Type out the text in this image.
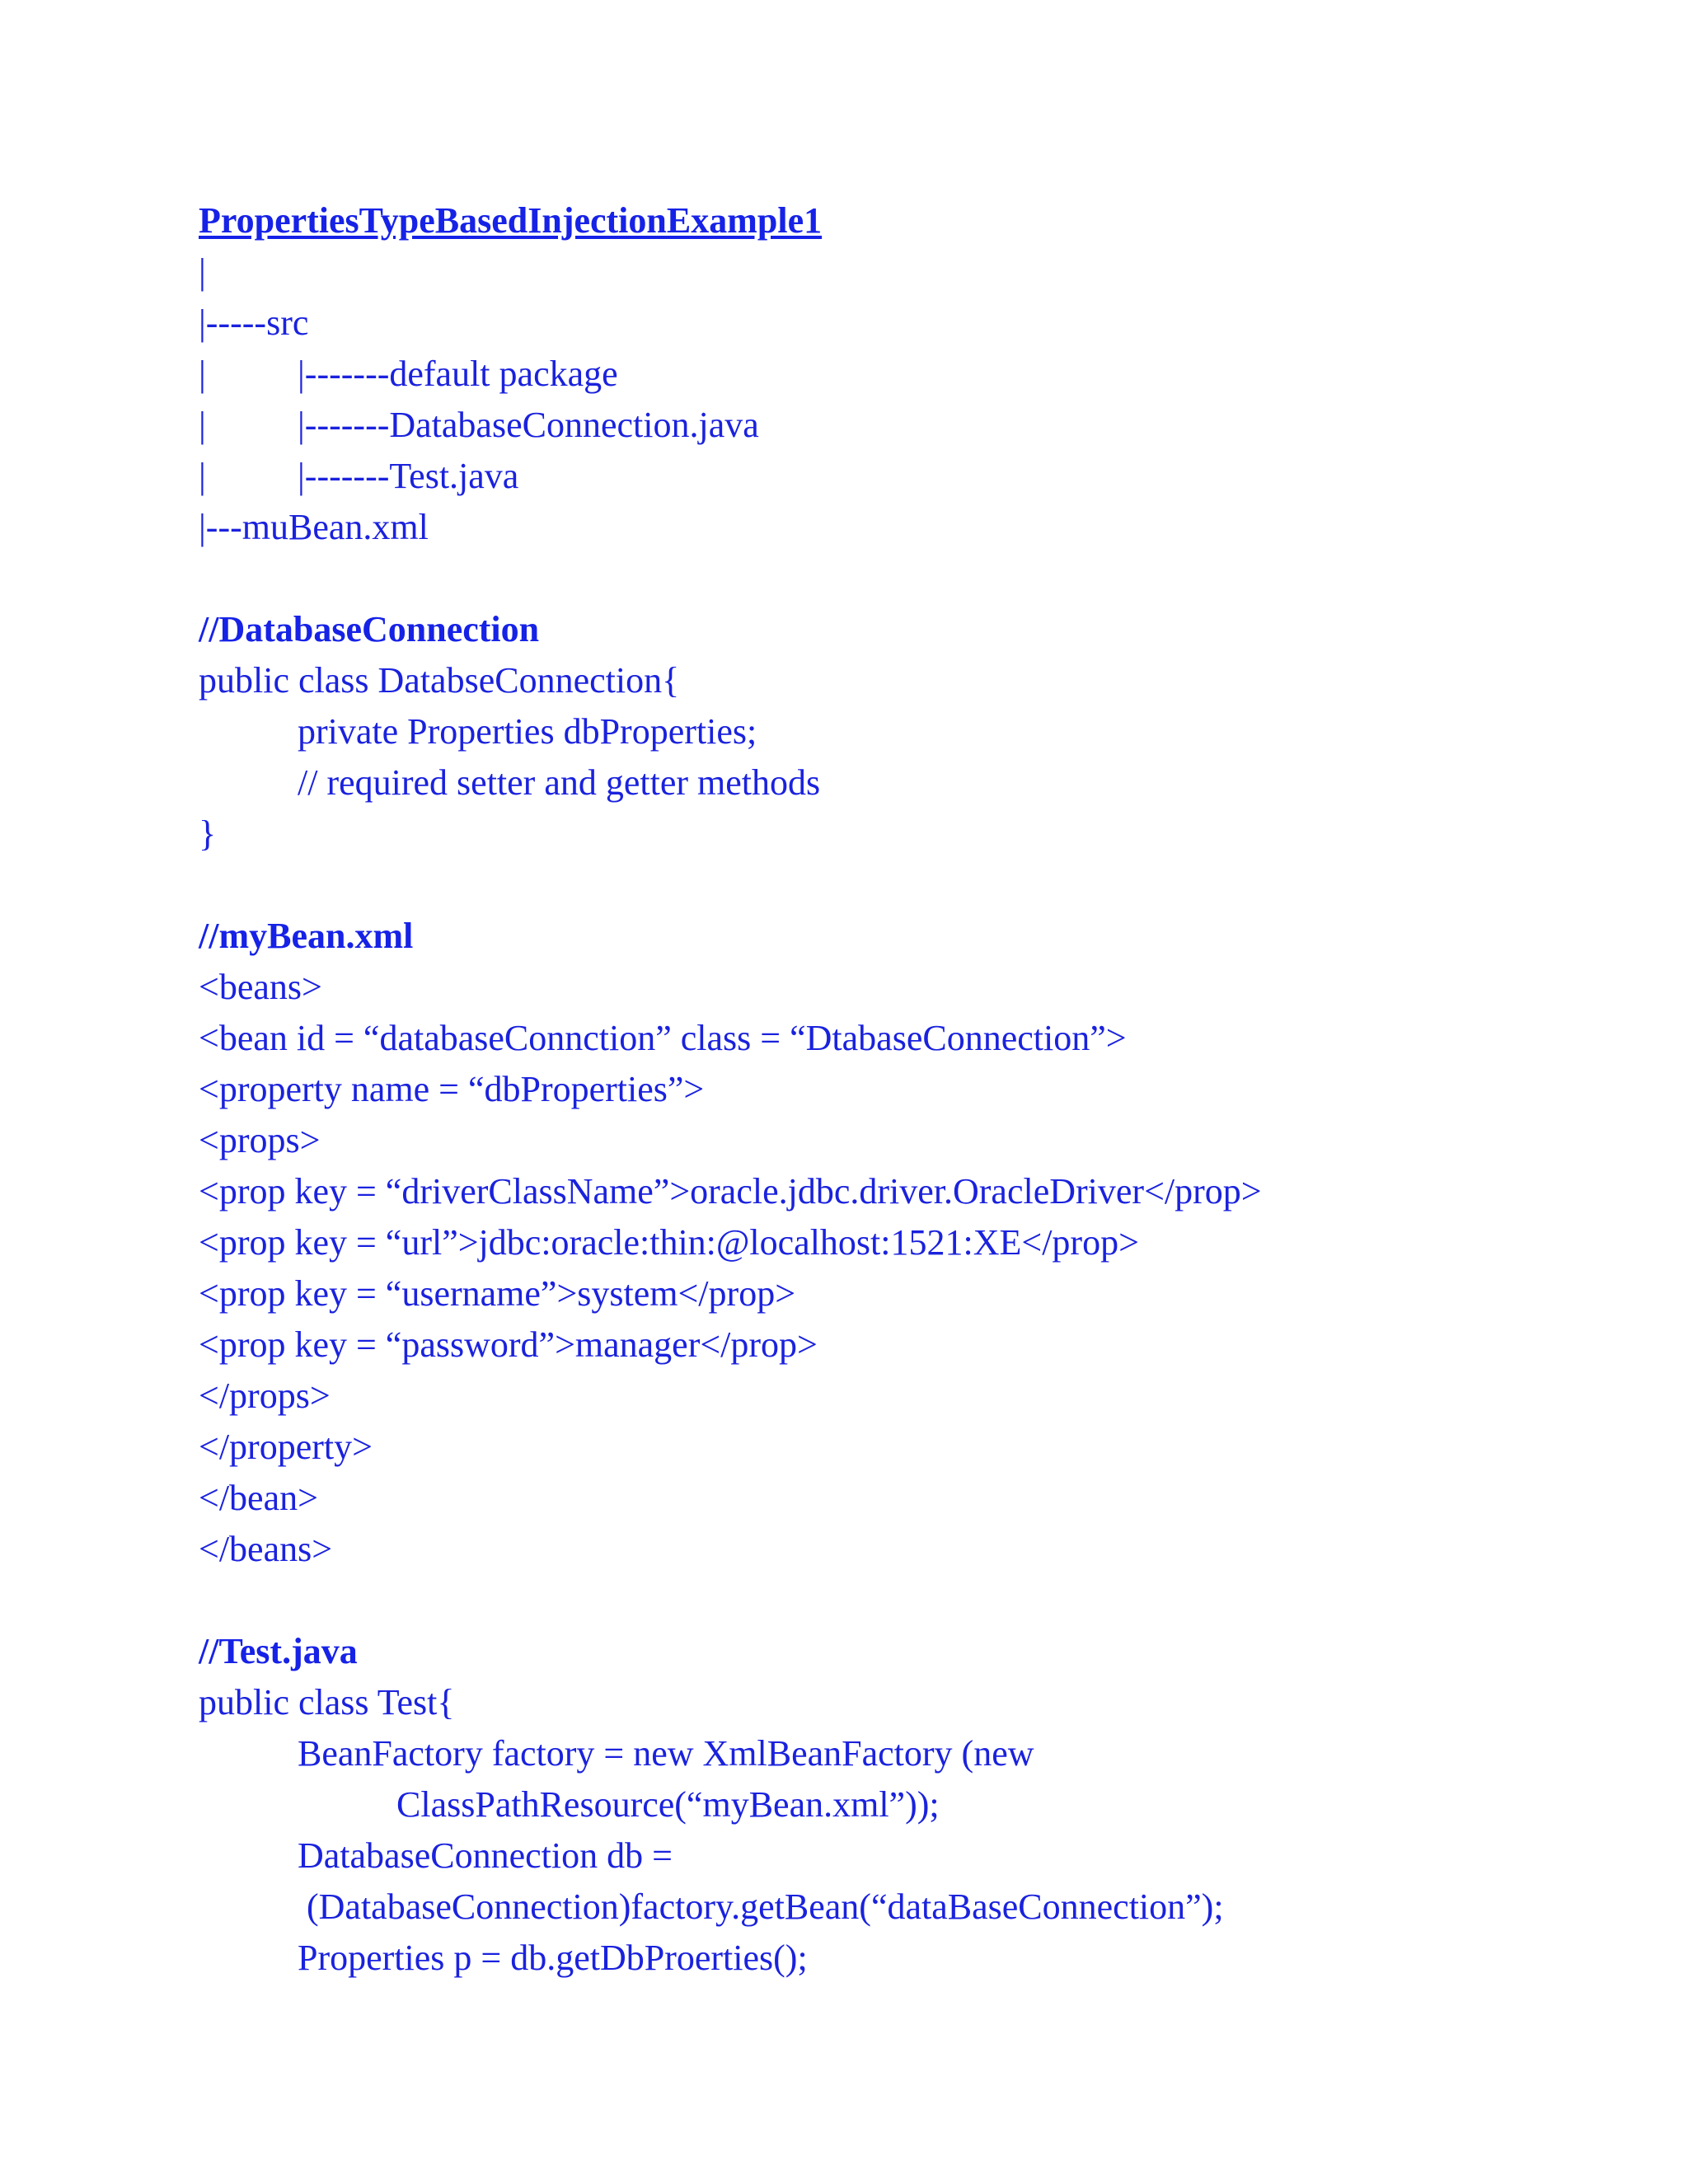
PropertiesTypeBasedInjectionExample1
|
|-----src
|	|-------default package
|	|-------DatabaseConnection.java
|	|-------Test.java
|---muBean.xml
//DatabaseConnection
public class DatabseConnection{
private Properties dbProperties;
// required setter and getter methods
}
//myBean.xml
<beans>
<bean id = “databaseConnction” class = “DtabaseConnection”>
<property name = “dbProperties”>
<props>
<prop key = “driverClassName”>oracle.jdbc.driver.OracleDriver</prop>
<prop key = “url”>jdbc:oracle:thin:@localhost:1521:XE</prop>
<prop key = “username”>system</prop>
<prop key = “password”>manager</prop>
</props>
</property>
</bean>
</beans>
//Test.java
public class Test{
BeanFactory factory = new XmlBeanFactory (new
ClassPathResource(“myBean.xml”));
DatabaseConnection db =
(DatabaseConnection)factory.getBean(“dataBaseConnection”);
Properties p = db.getDbProerties();
